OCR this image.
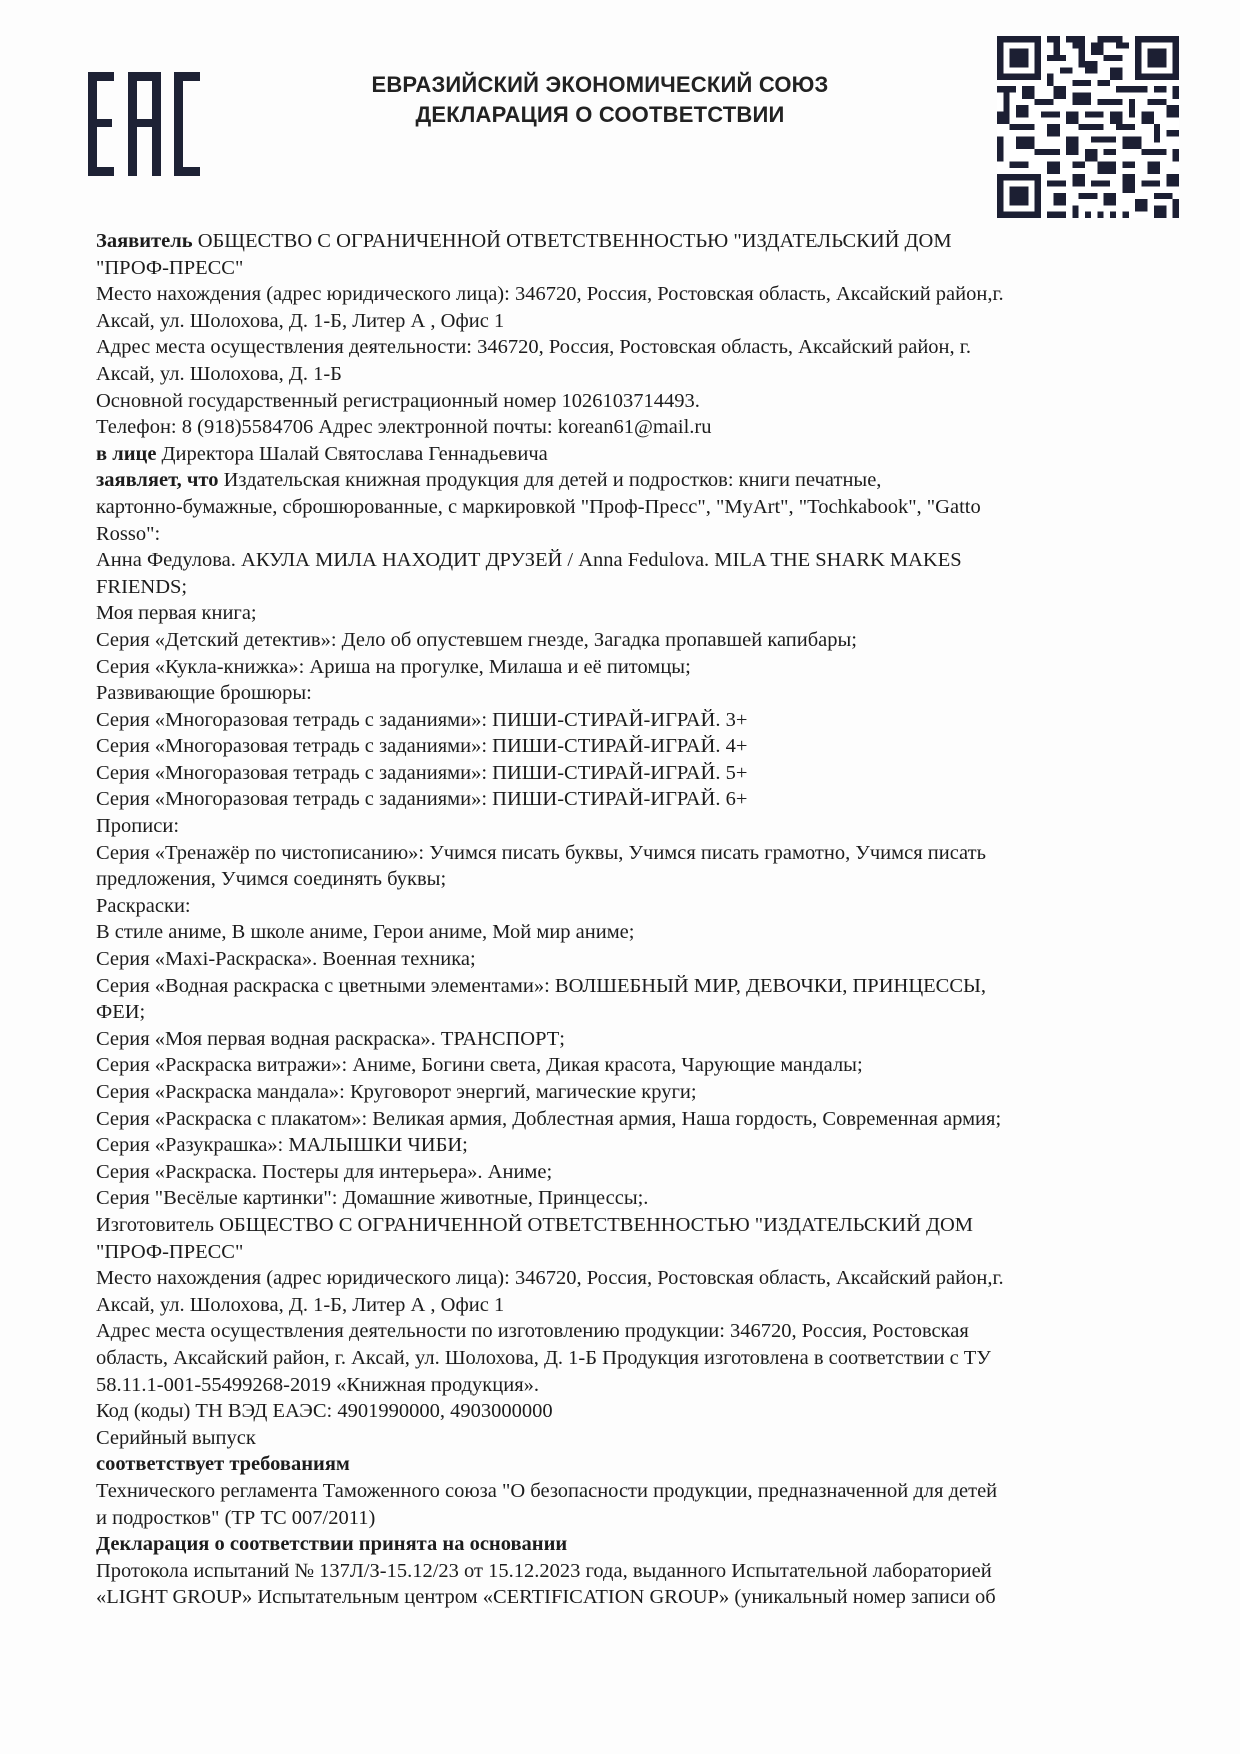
ЕВРАЗИЙСКИЙ ЭКОНОМИЧЕСКИЙ СОЮЗ
ДЕКЛАРАЦИЯ О СООТВЕТСТВИИ
Заявитель ОБЩЕСТВО С ОГРАНИЧЕННОЙ ОТВЕТСТВЕННОСТЬЮ "ИЗДАТЕЛЬСКИЙ ДОМ
"ПРОФ-ПРЕСС"
Место нахождения (адрес юридического лица): 346720, Россия, Ростовская область, Аксайский район,г.
Аксай, ул. Шолохова, Д. 1-Б, Литер А , Офис 1
Адрес места осуществления деятельности: 346720, Россия, Ростовская область, Аксайский район, г.
Аксай, ул. Шолохова, Д. 1-Б
Основной государственный регистрационный номер 1026103714493.
Телефон: 8 (918)5584706 Адрес электронной почты: korean61@mail.ru
в лице Директора Шалай Святослава Геннадьевича
заявляет, что Издательская книжная продукция для детей и подростков: книги печатные,
картонно-бумажные, сброшюрованные, с маркировкой "Проф-Пресс", "MyArt", "Tochkabook", "Gatto
Rosso":
Анна Федулова. АКУЛА МИЛА НАХОДИТ ДРУЗЕЙ / Anna Fedulova. MILA THE SHARK MAKES
FRIENDS;
Моя первая книга;
Серия «Детский детектив»: Дело об опустевшем гнезде, Загадка пропавшей капибары;
Серия «Кукла-книжка»: Ариша на прогулке, Милаша и её питомцы;
Развивающие брошюры:
Серия «Многоразовая тетрадь с заданиями»: ПИШИ-СТИРАЙ-ИГРАЙ. 3+
Серия «Многоразовая тетрадь с заданиями»: ПИШИ-СТИРАЙ-ИГРАЙ. 4+
Серия «Многоразовая тетрадь с заданиями»: ПИШИ-СТИРАЙ-ИГРАЙ. 5+
Серия «Многоразовая тетрадь с заданиями»: ПИШИ-СТИРАЙ-ИГРАЙ. 6+
Прописи:
Серия «Тренажёр по чистописанию»: Учимся писать буквы, Учимся писать грамотно, Учимся писать
предложения, Учимся соединять буквы;
Раскраски:
В стиле аниме, В школе аниме, Герои аниме, Мой мир аниме;
Серия «Maxi-Раскраска». Военная техника;
Серия «Водная раскраска с цветными элементами»: ВОЛШЕБНЫЙ МИР, ДЕВОЧКИ, ПРИНЦЕССЫ,
ФЕИ;
Серия «Моя первая водная раскраска». ТРАНСПОРТ;
Серия «Раскраска витражи»: Аниме, Богини света, Дикая красота, Чарующие мандалы;
Серия «Раскраска мандала»: Круговорот энергий, магические круги;
Серия «Раскраска с плакатом»: Великая армия, Доблестная армия, Наша гордость, Современная армия;
Серия «Разукрашка»: МАЛЫШКИ ЧИБИ;
Серия «Раскраска. Постеры для интерьера». Аниме;
Серия "Весёлые картинки": Домашние животные, Принцессы;.
Изготовитель ОБЩЕСТВО С ОГРАНИЧЕННОЙ ОТВЕТСТВЕННОСТЬЮ "ИЗДАТЕЛЬСКИЙ ДОМ
"ПРОФ-ПРЕСС"
Место нахождения (адрес юридического лица): 346720, Россия, Ростовская область, Аксайский район,г.
Аксай, ул. Шолохова, Д. 1-Б, Литер А , Офис 1
Адрес места осуществления деятельности по изготовлению продукции: 346720, Россия, Ростовская
область, Аксайский район, г. Аксай, ул. Шолохова, Д. 1-Б Продукция изготовлена в соответствии с ТУ
58.11.1-001-55499268-2019 «Книжная продукция».
Код (коды) ТН ВЭД ЕАЭС: 4901990000, 4903000000
Серийный выпуск
соответствует требованиям
Технического регламента Таможенного союза "О безопасности продукции, предназначенной для детей
и подростков" (ТР ТС 007/2011)
Декларация о соответствии принята на основании
Протокола испытаний № 137Л/З-15.12/23 от 15.12.2023 года, выданного Испытательной лабораторией
«LIGHT GROUP» Испытательным центром «CERTIFICATION GROUP» (уникальный номер записи об
